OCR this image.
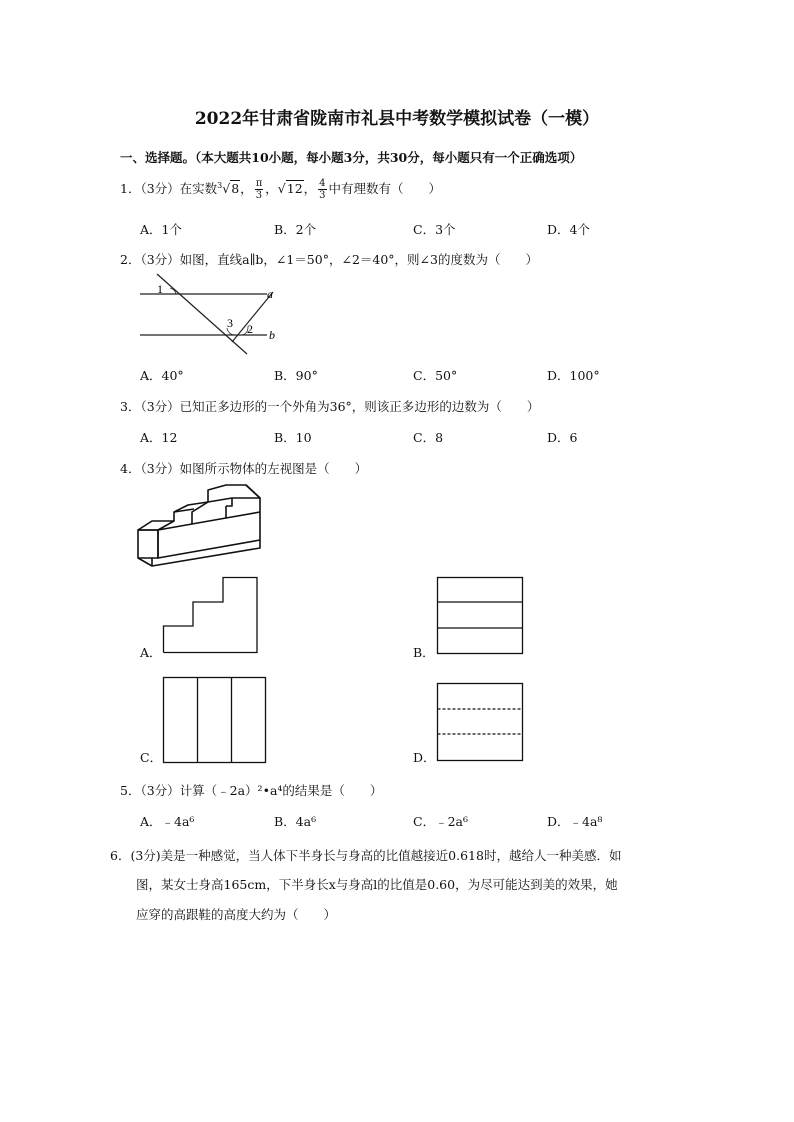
2022年甘肃省陇南市礼县中考数学模拟试卷（一模）
一、选择题。（本大题共10小题，每小题3分，共30分，每小题只有一个正确选项）
1．（3分）在实数$^3$√8， $\frac{\pi}{3}$ ，√12， $\frac{4}{3}$ 中有理数有（　　）
A．1个	B．2个	C．3个	D．4个
2．（3分）如图，直线a∥b，∠1＝50°，∠2＝40°，则∠3的度数为（　　）
1
3 2
a
b
A．40°	B．90°	C．50°	D．100°
3．（3分）已知正多边形的一个外角为36°，则该正多边形的边数为（　　）
A．12	B．10	C．8	D．6
4．（3分）如图所示物体的左视图是（　　）
A．	B．
C．	D．
5．（3分）计算（﹣2a）²•a⁴的结果是（　　）
A．﹣4a⁶	B．4a⁶	C．﹣2a⁶	D．﹣4a⁸
6．(3分)美是一种感觉，当人体下半身长与身高的比值越接近0.618时，越给人一种美感．如
图，某女士身高165cm，下半身长x与身高l的比值是0.60，为尽可能达到美的效果，她
应穿的高跟鞋的高度大约为（　　）
